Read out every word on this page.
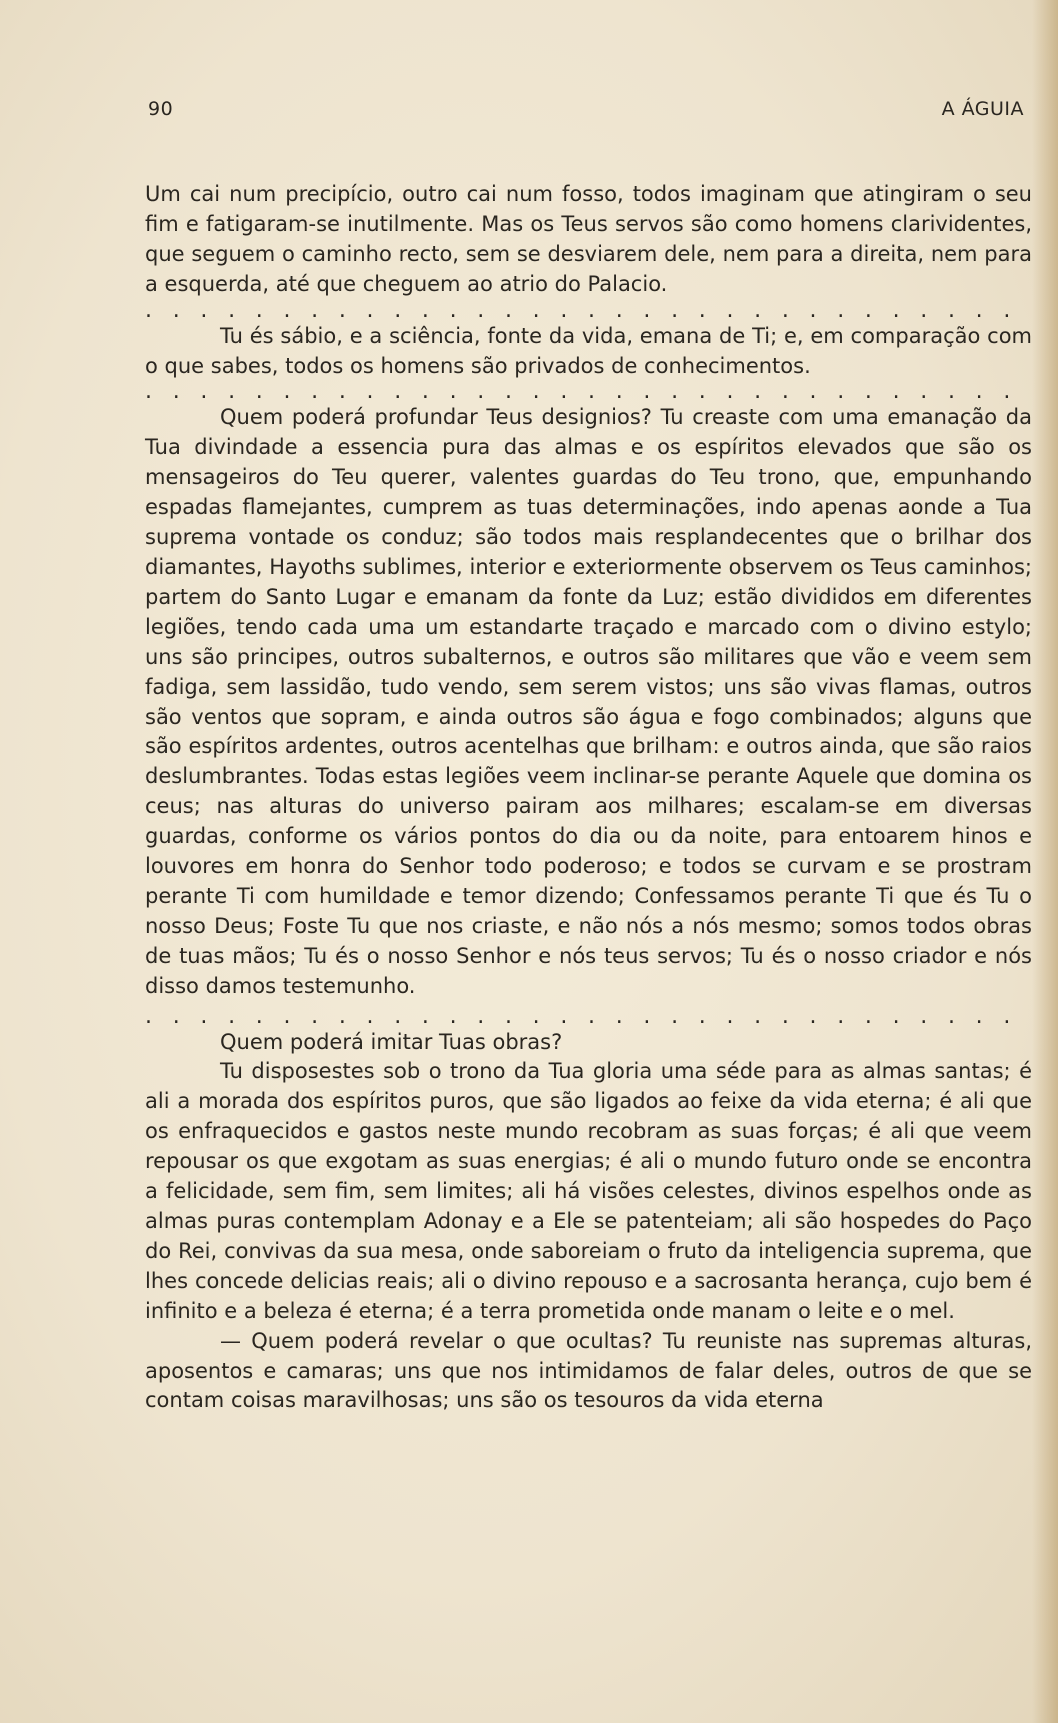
90	A ÁGUIA

Um cai num precipício, outro cai num fosso, todos imaginam que atingiram o seu fim e fatigaram-se inutilmente. Mas os Teus servos são como homens clarividentes, que seguem o caminho recto, sem se desviarem dele, nem para a direita, nem para a esquerda, até que cheguem ao atrio do Palacio.

. . . . . . . . . . . . . . . . . . . . . . . . . . . . . . . .

Tu és sábio, e a sciência, fonte da vida, emana de Ti; e, em comparação com o que sabes, todos os homens são privados de conhecimentos.

. . . . . . . . . . . . . . . . . . . . . . . . . . . . . . . .

Quem poderá profundar Teus designios? Tu creaste com uma emanação da Tua divindade a essencia pura das almas e os espíritos elevados que são os mensageiros do Teu querer, valentes guardas do Teu trono, que, empunhando espadas flamejantes, cumprem as tuas determinações, indo apenas aonde a Tua suprema vontade os conduz; são todos mais resplandecentes que o brilhar dos diamantes, Hayoths sublimes, interior e exteriormente observem os Teus caminhos; partem do Santo Lugar e emanam da fonte da Luz; estão divididos em diferentes legiões, tendo cada uma um estandarte traçado e marcado com o divino estylo; uns são principes, outros subalternos, e outros são militares que vão e veem sem fadiga, sem lassidão, tudo vendo, sem serem vistos; uns são vivas flamas, outros são ventos que sopram, e ainda outros são água e fogo combinados; alguns que são espíritos ardentes, outros acentelhas que brilham: e outros ainda, que são raios deslumbrantes. Todas estas legiões veem inclinar-se perante Aquele que domina os ceus; nas alturas do universo pairam aos milhares; escalam-se em diversas guardas, conforme os vários pontos do dia ou da noite, para entoarem hinos e louvores em honra do Senhor todo poderoso; e todos se curvam e se prostram perante Ti com humildade e temor dizendo; Confessamos perante Ti que és Tu o nosso Deus; Foste Tu que nos criaste, e não nós a nós mesmo; somos todos obras de tuas mãos; Tu és o nosso Senhor e nós teus servos; Tu és o nosso criador e nós disso damos testemunho.

. . . . . . . . . . . . . . . . . . . . . . . . . . . . . . . .

Quem poderá imitar Tuas obras?

Tu disposestes sob o trono da Tua gloria uma séde para as almas santas; é ali a morada dos espíritos puros, que são ligados ao feixe da vida eterna; é ali que os enfraquecidos e gastos neste mundo recobram as suas forças; é ali que veem repousar os que exgotam as suas energias; é ali o mundo futuro onde se encontra a felicidade, sem fim, sem limites; ali há visões celestes, divinos espelhos onde as almas puras contemplam Adonay e a Ele se patenteiam; ali são hospedes do Paço do Rei, convivas da sua mesa, onde saboreiam o fruto da inteligencia suprema, que lhes concede delicias reais; ali o divino repouso e a sacrosanta herança, cujo bem é infinito e a beleza é eterna; é a terra prometida onde manam o leite e o mel.

— Quem poderá revelar o que ocultas? Tu reuniste nas supremas alturas, aposentos e camaras; uns que nos intimidamos de falar deles, outros de que se contam coisas maravilhosas; uns são os tesouros da vida eterna
